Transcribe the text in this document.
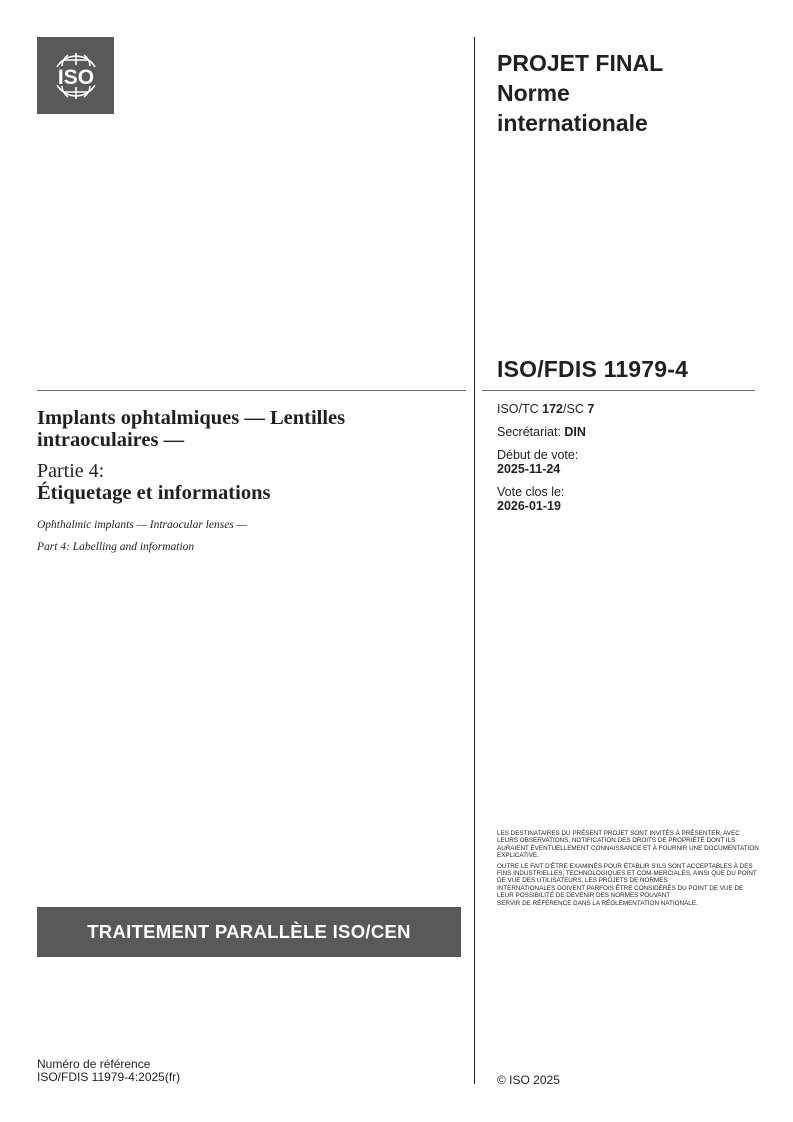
ISO
PROJET FINAL
Norme
internationale
ISO/FDIS 11979-4
ISO/TC 172/SC 7
Secrétariat: DIN
Début de vote:
2025-11-24
Vote clos le:
2026-01-19
Implants ophtalmiques — Lentilles
intraoculaires —
Partie 4:
Étiquetage et informations
Ophthalmic implants — Intraocular lenses —
Part 4: Labelling and information

LES DESTINATAIRES DU PRÉSENT PROJET SONT INVITÉS À PRÉSENTER, AVEC LEURS OBSERVATIONS, NOTIFICATION DES DROITS DE PROPRIÉTÉ DONT ILS AURAIENT ÉVENTUELLEMENT CONNAISSANCE ET À FOURNIR UNE DOCUMENTATION EXPLICATIVE.

OUTRE LE FAIT D'ÊTRE EXAMINÉS POUR ÉTABLIR S'ILS SONT ACCEPTABLES À DES FINS INDUSTRIELLES, TECHNOLOGIQUES ET COM-MERCIALES, AINSI QUE DU POINT DE VUE DES UTILISATEURS, LES PROJETS DE NORMES
INTERNATIONALES DOIVENT PARFOIS ÊTRE CONSIDÉRÉS DU POINT DE VUE DE LEUR POSSIBILITÉ DE DEVENIR DES NORMES POUVANT
SERVIR DE RÉFÉRENCE DANS LA RÉGLEMENTATION NATIONALE.

TRAITEMENT PARALLÈLE ISO/CEN
Numéro de référence
ISO/FDIS 11979-4:2025(fr)	© ISO 2025
